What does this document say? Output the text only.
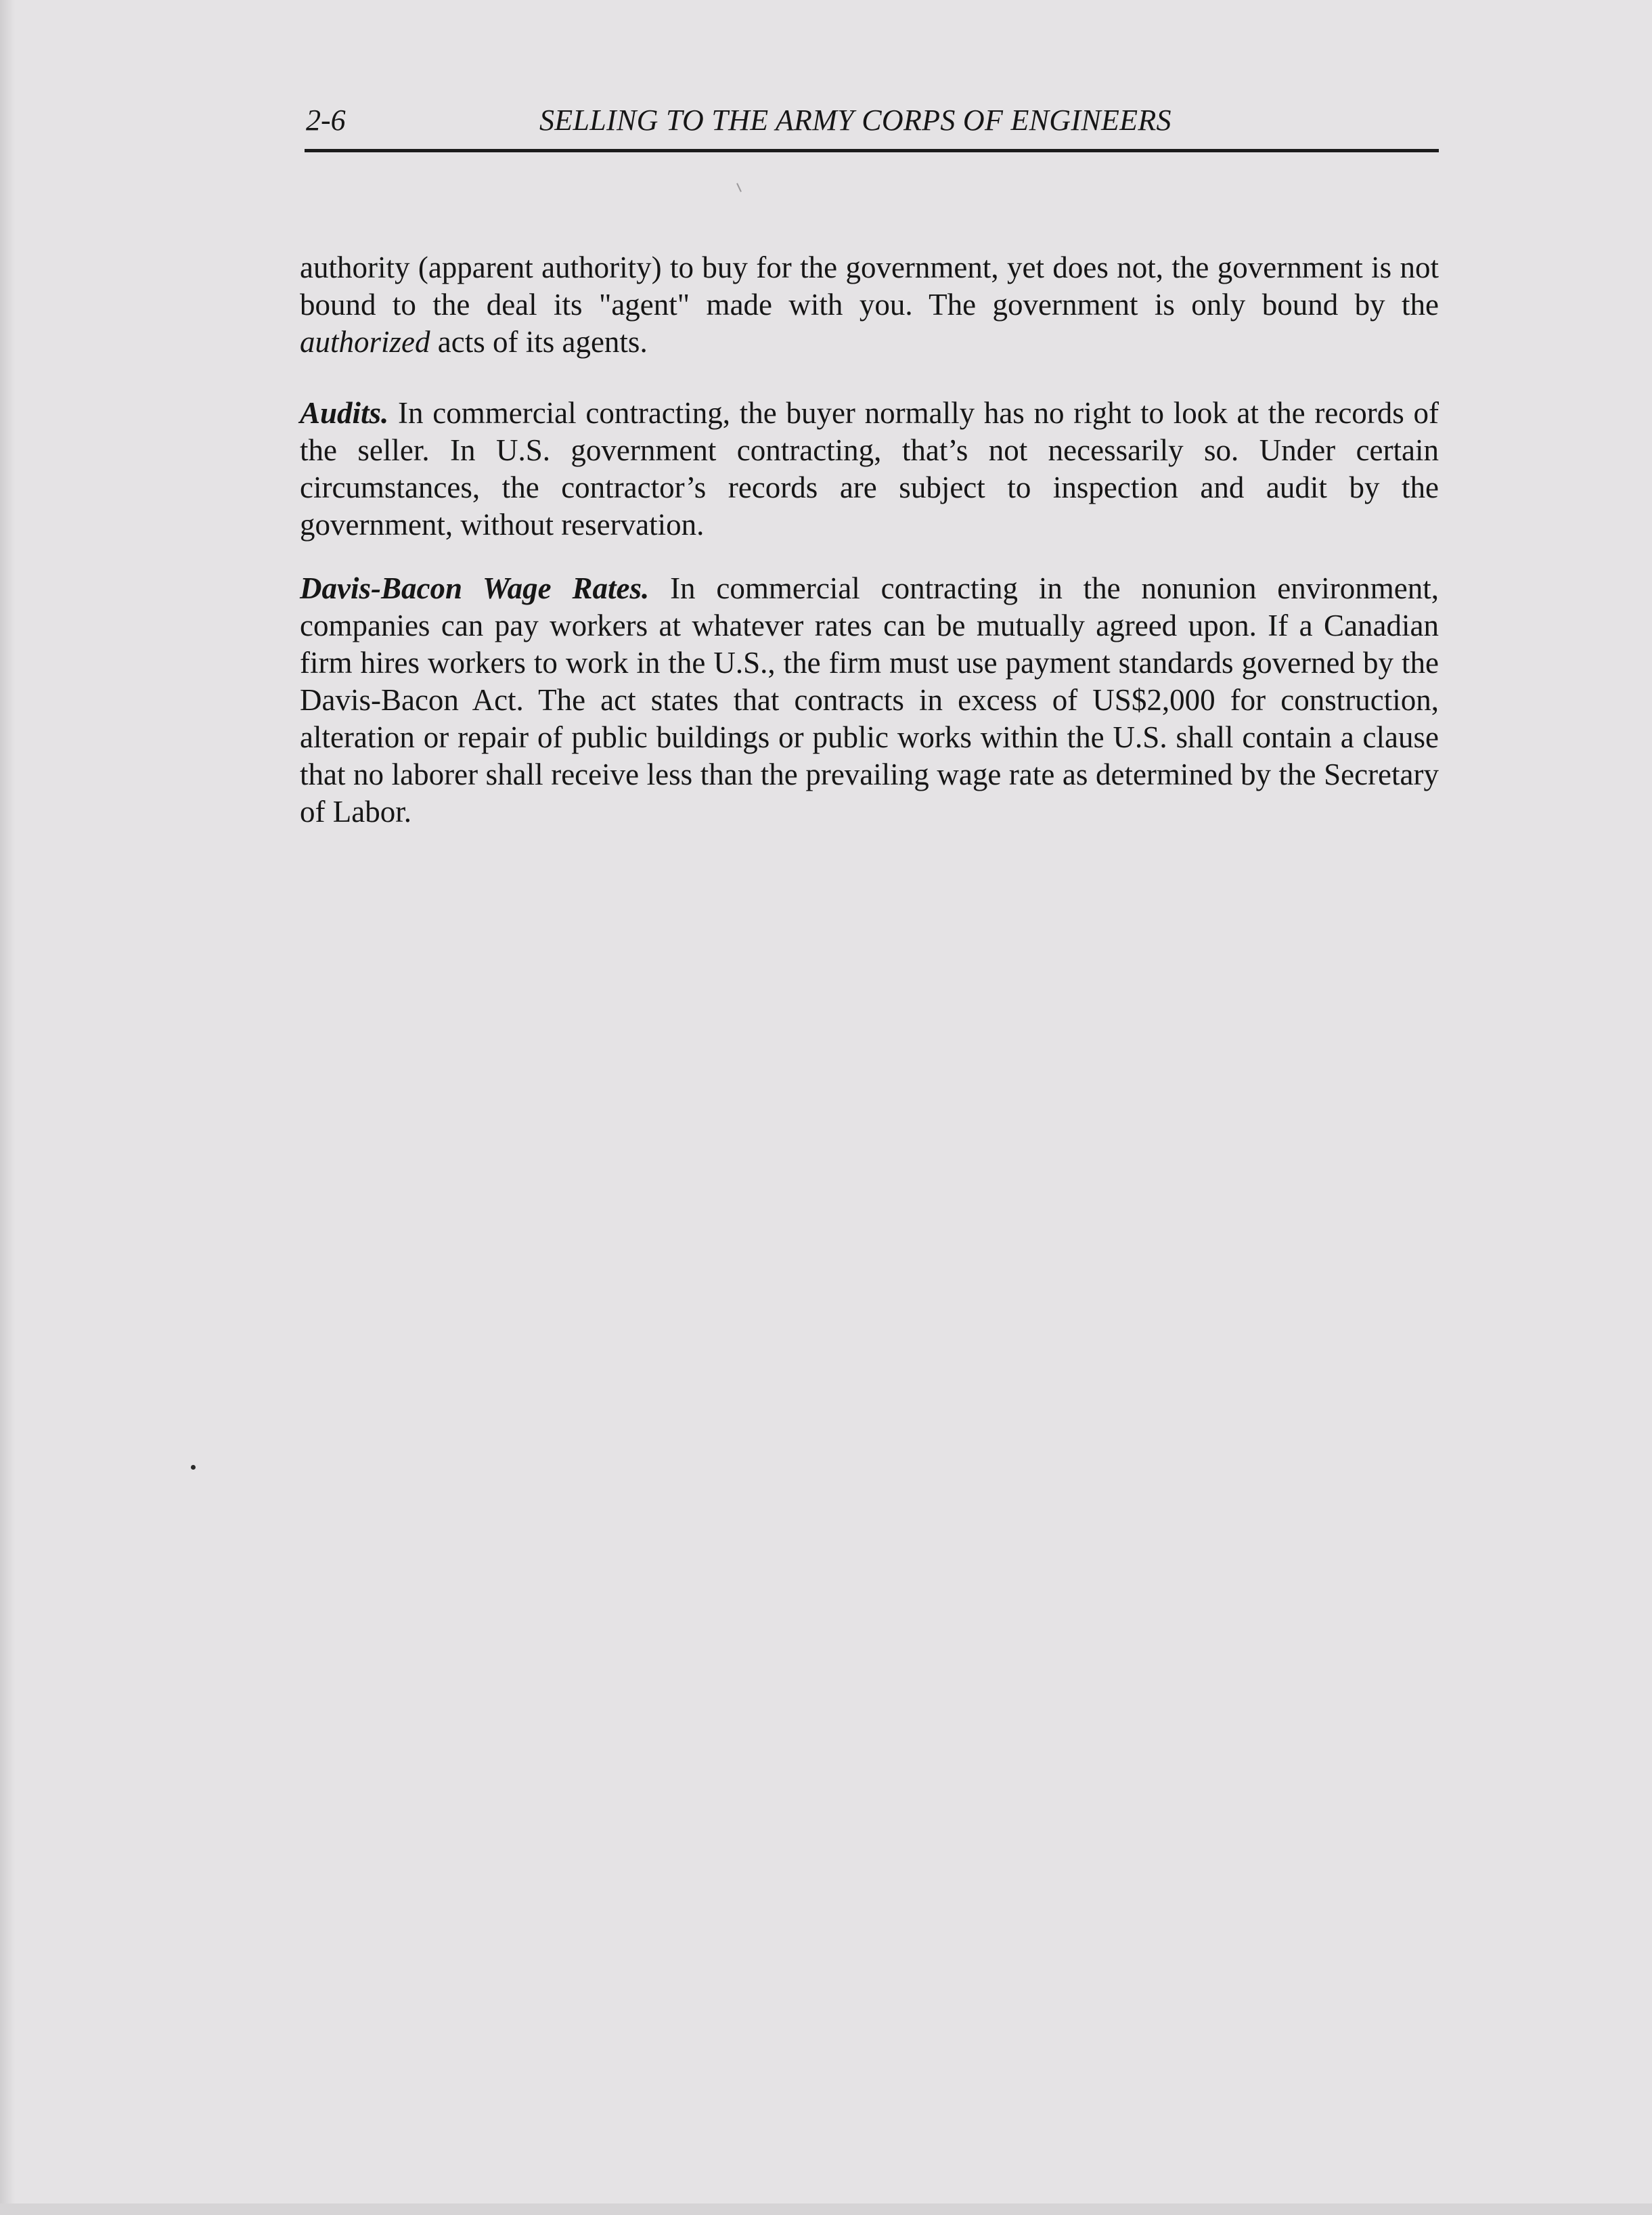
2-6	SELLING TO THE ARMY CORPS OF ENGINEERS

authority (apparent authority) to buy for the government, yet does not, the government is not bound to the deal its "agent" made with you. The government is only bound by the authorized acts of its agents.

Audits. In commercial contracting, the buyer normally has no right to look at the records of the seller. In U.S. government contracting, that’s not necessarily so. Under certain circumstances, the contractor’s records are subject to inspection and audit by the government, without reservation.

Davis-Bacon Wage Rates. In commercial contracting in the nonunion environment, companies can pay workers at whatever rates can be mutually agreed upon. If a Canadian firm hires workers to work in the U.S., the firm must use payment standards governed by the Davis-Bacon Act. The act states that contracts in excess of US$2,000 for construction, alteration or repair of public buildings or public works within the U.S. shall contain a clause that no laborer shall receive less than the prevailing wage rate as determined by the Secretary of Labor.
